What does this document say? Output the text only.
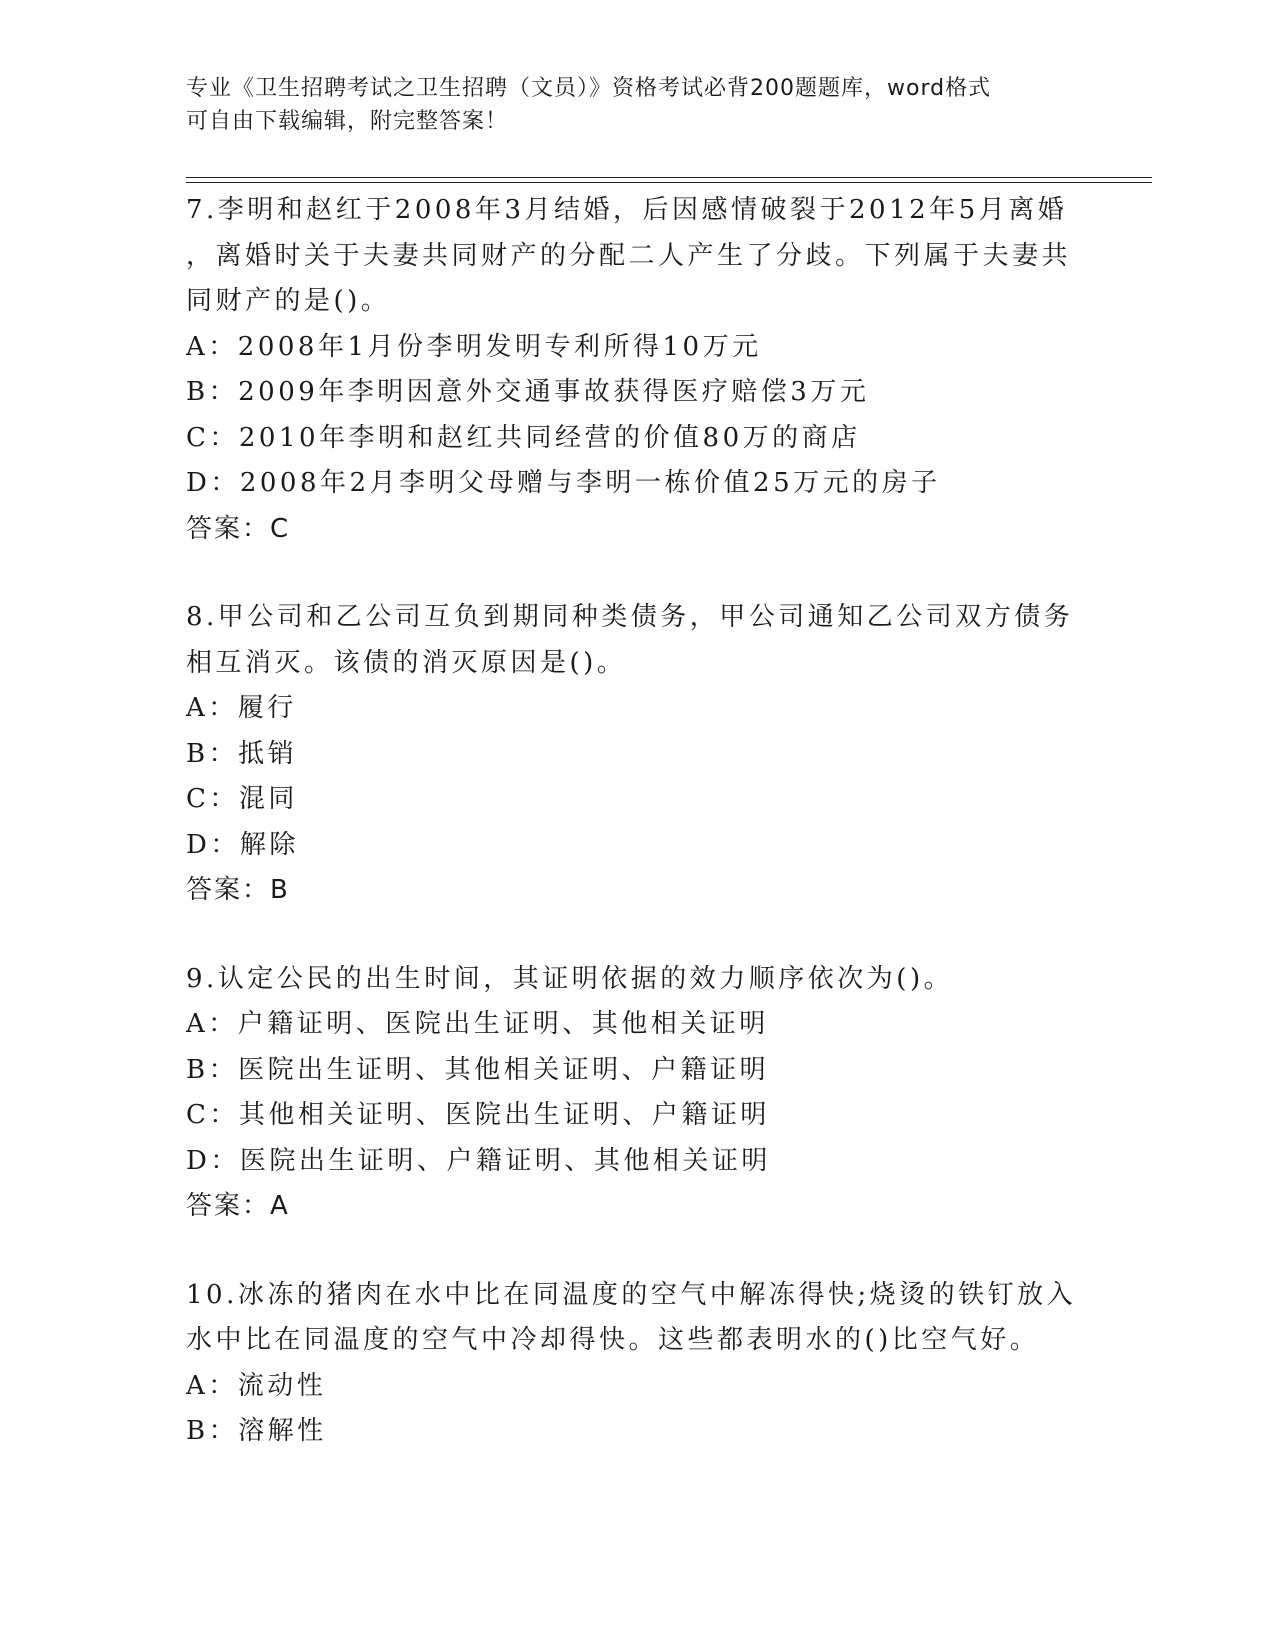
专业《卫生招聘考试之卫生招聘（文员）》资格考试必背200题题库，word格式
可自由下载编辑，附完整答案！
7.李明和赵红于2008年3月结婚，后因感情破裂于2012年5月离婚
，离婚时关于夫妻共同财产的分配二人产生了分歧。下列属于夫妻共
同财产的是()。
A：2008年1月份李明发明专利所得10万元
B：2009年李明因意外交通事故获得医疗赔偿3万元
C：2010年李明和赵红共同经营的价值80万的商店
D：2008年2月李明父母赠与李明一栋价值25万元的房子
答案：C
8.甲公司和乙公司互负到期同种类债务，甲公司通知乙公司双方债务
相互消灭。该债的消灭原因是()。
A：履行
B：抵销
C：混同
D：解除
答案：B
9.认定公民的出生时间，其证明依据的效力顺序依次为()。
A：户籍证明、医院出生证明、其他相关证明
B：医院出生证明、其他相关证明、户籍证明
C：其他相关证明、医院出生证明、户籍证明
D：医院出生证明、户籍证明、其他相关证明
答案：A
10.冰冻的猪肉在水中比在同温度的空气中解冻得快;烧烫的铁钉放入
水中比在同温度的空气中冷却得快。这些都表明水的()比空气好。
A：流动性
B：溶解性
